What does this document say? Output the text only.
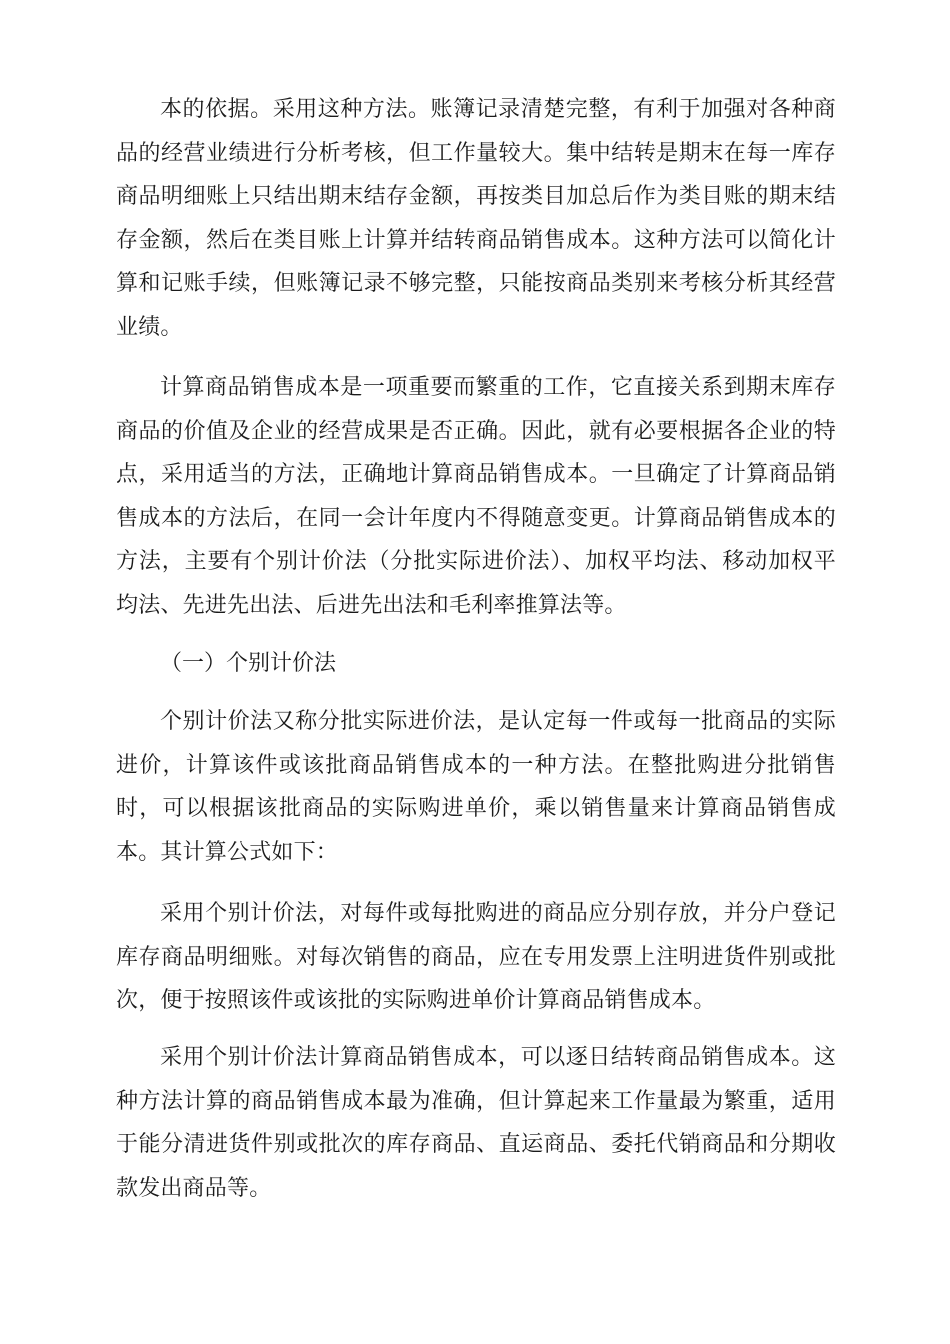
本的依据。采用这种方法。账簿记录清楚完整，有利于加强对各种商品的经营业绩进行分析考核，但工作量较大。集中结转是期末在每一库存商品明细账上只结出期末结存金额，再按类目加总后作为类目账的期末结存金额，然后在类目账上计算并结转商品销售成本。这种方法可以简化计算和记账手续，但账簿记录不够完整，只能按商品类别来考核分析其经营业绩。

计算商品销售成本是一项重要而繁重的工作，它直接关系到期末库存商品的价值及企业的经营成果是否正确。因此，就有必要根据各企业的特点，采用适当的方法，正确地计算商品销售成本。一旦确定了计算商品销售成本的方法后，在同一会计年度内不得随意变更。计算商品销售成本的方法，主要有个别计价法（分批实际进价法）、加权平均法、移动加权平均法、先进先出法、后进先出法和毛利率推算法等。

（一）个别计价法

个别计价法又称分批实际进价法，是认定每一件或每一批商品的实际进价，计算该件或该批商品销售成本的一种方法。在整批购进分批销售时，可以根据该批商品的实际购进单价，乘以销售量来计算商品销售成本。其计算公式如下：

采用个别计价法，对每件或每批购进的商品应分别存放，并分户登记库存商品明细账。对每次销售的商品，应在专用发票上注明进货件别或批次，便于按照该件或该批的实际购进单价计算商品销售成本。

采用个别计价法计算商品销售成本，可以逐日结转商品销售成本。这种方法计算的商品销售成本最为准确，但计算起来工作量最为繁重，适用于能分清进货件别或批次的库存商品、直运商品、委托代销商品和分期收款发出商品等。
